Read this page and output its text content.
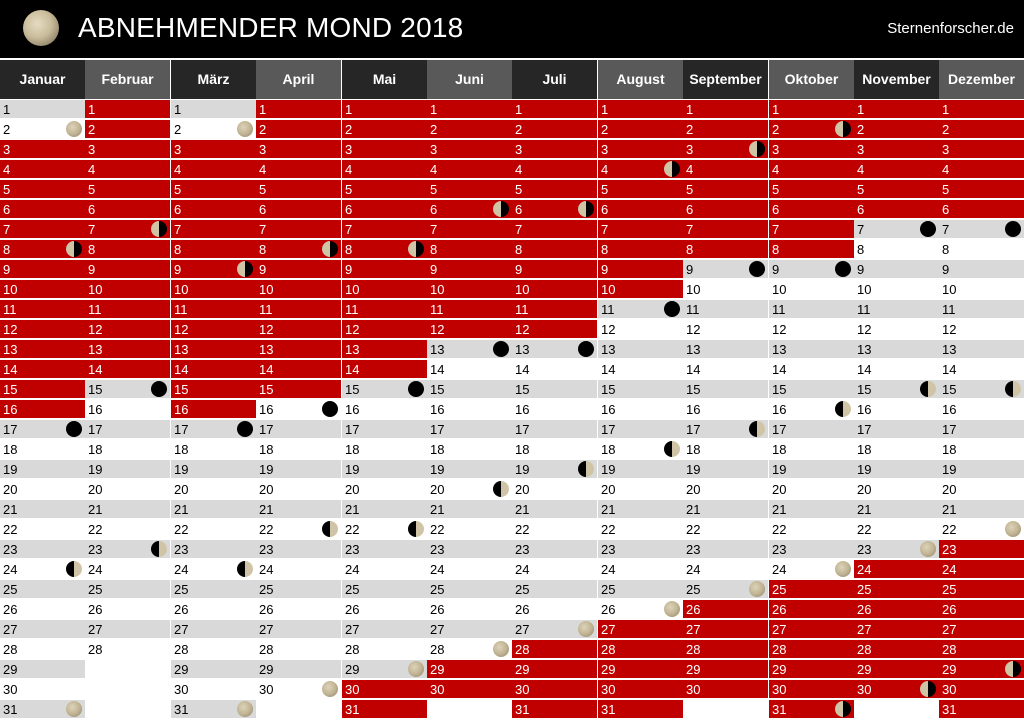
ABNEHMENDER MOND 2018	Sternenforscher.de
Januar
1
2
3
4
5
6
7
8
9
10
11
12
13
14
15
16
17
18
19
20
21
22
23
24
25
26
27
28
29
30
31
Februar
1
2
3
4
5
6
7
8
9
10
11
12
13
14
15
16
17
18
19
20
21
22
23
24
25
26
27
28
März
1
2
3
4
5
6
7
8
9
10
11
12
13
14
15
16
17
18
19
20
21
22
23
24
25
26
27
28
29
30
31
April
1
2
3
4
5
6
7
8
9
10
11
12
13
14
15
16
17
18
19
20
21
22
23
24
25
26
27
28
29
30
Mai
1
2
3
4
5
6
7
8
9
10
11
12
13
14
15
16
17
18
19
20
21
22
23
24
25
26
27
28
29
30
31
Juni
1
2
3
4
5
6
7
8
9
10
11
12
13
14
15
16
17
18
19
20
21
22
23
24
25
26
27
28
29
30
Juli
1
2
3
4
5
6
7
8
9
10
11
12
13
14
15
16
17
18
19
20
21
22
23
24
25
26
27
28
29
30
31
August
1
2
3
4
5
6
7
8
9
10
11
12
13
14
15
16
17
18
19
20
21
22
23
24
25
26
27
28
29
30
31
September
1
2
3
4
5
6
7
8
9
10
11
12
13
14
15
16
17
18
19
20
21
22
23
24
25
26
27
28
29
30
Oktober
1
2
3
4
5
6
7
8
9
10
11
12
13
14
15
16
17
18
19
20
21
22
23
24
25
26
27
28
29
30
31
November
1
2
3
4
5
6
7
8
9
10
11
12
13
14
15
16
17
18
19
20
21
22
23
24
25
26
27
28
29
30
Dezember
1
2
3
4
5
6
7
8
9
10
11
12
13
14
15
16
17
18
19
20
21
22
23
24
25
26
27
28
29
30
31
